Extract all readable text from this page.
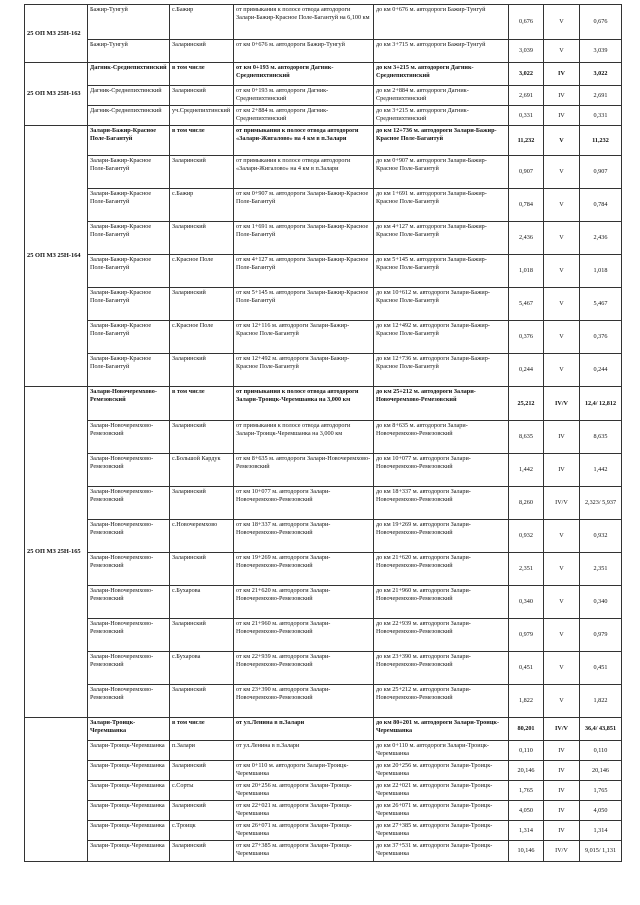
25 ОП МЗ 25Н-162	Бажир-Тунгуй	с.Бажир	от примыкания к полосе отвода автодороги Залари-Бажир-Красное Поле-Багантуй на 6,100 км	до км 0+676 м. автодороги Бажир-Тунгуй	0,676	V	0,676
	Бажир-Тунгуй	Заларинский	от км 0+676 м. автодороги Бажир-Тунгуй	до км 3+715 м. автодороги Бажир-Тунгуй	3,039	V	3,039
25 ОП МЗ 25Н-163	Дагник-Среднепихтинский	в том числе	от км 0+193 м. автодороги Дагник-Среднепихтинский	до км 3+215 м. автодороги Дагник-Среднепихтинский	3,022	IV	3,022
	Дагник-Среднепихтинский	Заларинский	от км 0+193 м. автодороги Дагник-Среднепихтинский	до км 2+884 м. автодороги Дагник-Среднепихтинский	2,691	IV	2,691
	Дагник-Среднепихтинский	уч.Среднепихтинский	от км 2+884 м. автодороги Дагник-Среднепихтинский	до км 3+215 м. автодороги Дагник-Среднепихтинский	0,331	IV	0,331
25 ОП МЗ 25Н-164	Залари-Бажир-Красное Поле-Багантуй	в том числе	от примыкания к полосе отвода автодороги «Залари-Жигалово» на 4 км в п.Залари	до км 12+736 м. автодороги Залари-Бажир-Красное Поле-Багантуй	11,232	V	11,232
	Залари-Бажир-Красное Поле-Багантуй	Заларинский	от примыкания к полосе отвода автодороги «Залари-Жигалово» на 4 км в п.Залари	до км 0+907 м. автодороги Залари-Бажир-Красное Поле-Багантуй	0,907	V	0,907
	Залари-Бажир-Красное Поле-Багантуй	с.Бажир	от км 0+907 м. автодороги Залари-Бажир-Красное Поле-Багантуй	до км 1+691 м. автодороги Залари-Бажир-Красное Поле-Багантуй	0,784	V	0,784
	Залари-Бажир-Красное Поле-Багантуй	Заларинский	от км 1+691 м. автодороги Залари-Бажир-Красное Поле-Багантуй	до км 4+127 м. автодороги Залари-Бажир-Красное Поле-Багантуй	2,436	V	2,436
	Залари-Бажир-Красное Поле-Багантуй	с.Красное Поле	от км 4+127 м. автодороги Залари-Бажир-Красное Поле-Багантуй	до км 5+145 м. автодороги Залари-Бажир-Красное Поле-Багантуй	1,018	V	1,018
	Залари-Бажир-Красное Поле-Багантуй	Заларинский	от км 5+145 м. автодороги Залари-Бажир-Красное Поле-Багантуй	до км 10+612 м. автодороги Залари-Бажир-Красное Поле-Багантуй	5,467	V	5,467
	Залари-Бажир-Красное Поле-Багантуй	с.Красное Поле	от км 12+116 м. автодороги Залари-Бажир-Красное Поле-Багантуй	до км 12+492 м. автодороги Залари-Бажир-Красное Поле-Багантуй	0,376	V	0,376
	Залари-Бажир-Красное Поле-Багантуй	Заларинский	от км 12+492 м. автодороги Залари-Бажир-Красное Поле-Багантуй	до км 12+736 м. автодороги Залари-Бажир-Красное Поле-Багантуй	0,244	V	0,244
25 ОП МЗ 25Н-165	Залари-Новочеремхово-Ремезовский	в том числе	от примыкания к полосе отвода автодороги Залари-Троицк-Черемшанка на 3,000 км	до км 25+212 м. автодороги Залари-Новочеремхово-Ремезовский	25,212	IV/V	12,4/ 12,812
	Залари-Новочеремхово-Ремезовский	Заларинский	от примыкания к полосе отвода автодороги Залари-Троицк-Черемшанка на 3,000 км	до км 8+635 м. автодороги Залари-Новочеремхово-Ремезовский	8,635	IV	8,635
	Залари-Новочеремхово-Ремезовский	с.Большой Кардук	от км 8+635 м. автодороги Залари-Новочеремхово-Ремезовский	до км 10+077 м. автодороги Залари-Новочеремхово-Ремезовский	1,442	IV	1,442
	Залари-Новочеремхово-Ремезовский	Заларинский	от км 10+077 м. автодороги Залари-Новочеремхово-Ремезовский	до км 18+337 м. автодороги Залари-Новочеремхово-Ремезовский	8,260	IV/V	2,323/ 5,937
	Залари-Новочеремхово-Ремезовский	с.Новочеремхово	от км 18+337 м. автодороги Залари-Новочеремхово-Ремезовский	до км 19+269 м. автодороги Залари-Новочеремхово-Ремезовский	0,932	V	0,932
	Залари-Новочеремхово-Ремезовский	Заларинский	от км 19+269 м. автодороги Залари-Новочеремхово-Ремезовский	до км 21+620 м. автодороги Залари-Новочеремхово-Ремезовский	2,351	V	2,351
	Залари-Новочеремхово-Ремезовский	с.Бухарова	от км 21+620 м. автодороги Залари-Новочеремхово-Ремезовский	до км 21+960 м. автодороги Залари-Новочеремхово-Ремезовский	0,340	V	0,340
	Залари-Новочеремхово-Ремезовский	Заларинский	от км 21+960 м. автодороги Залари-Новочеремхово-Ремезовский	до км 22+939 м. автодороги Залари-Новочеремхово-Ремезовский	0,979	V	0,979
	Залари-Новочеремхово-Ремезовский	с.Бухарова	от км 22+939 м. автодороги Залари-Новочеремхово-Ремезовский	до км 23+390 м. автодороги Залари-Новочеремхово-Ремезовский	0,451	V	0,451
	Залари-Новочеремхово-Ремезовский	Заларинский	от км 23+390 м. автодороги Залари-Новочеремхово-Ремезовский	до км 25+212 м. автодороги Залари-Новочеремхово-Ремезовский	1,822	V	1,822
	Залари-Троицк-Черемшанка	в том числе	от ул.Ленина в п.Залари	до км 80+201 м. автодороги Залари-Троицк-Черемшанка	80,201	IV/V	36,4/ 43,851
	Залари-Троицк-Черемшанка	п.Залари	от ул.Ленина в п.Залари	до км 0+110 м. автодороги Залари-Троицк-Черемшанка	0,110	IV	0,110
	Залари-Троицк-Черемшанка	Заларинский	от км 0+110 м. автодороги Залари-Троицк-Черемшанка	до км 20+256 м. автодороги Залари-Троицк-Черемшанка	20,146	IV	20,146
	Залари-Троицк-Черемшанка	с.Сорты	от км 20+256 м. автодороги Залари-Троицк-Черемшанка	до км 22+021 м. автодороги Залари-Троицк-Черемшанка	1,765	IV	1,765
	Залари-Троицк-Черемшанка	Заларинский	от км 22+021 м. автодороги Залари-Троицк-Черемшанка	до км 26+071 м. автодороги Залари-Троицк-Черемшанка	4,050	IV	4,050
	Залари-Троицк-Черемшанка	с.Троицк	от км 26+071 м. автодороги Залари-Троицк-Черемшанка	до км 27+385 м. автодороги Залари-Троицк-Черемшанка	1,314	IV	1,314
	Залари-Троицк-Черемшанка	Заларинский	от км 27+385 м. автодороги Залари-Троицк-Черемшанка	до км 37+531 м. автодороги Залари-Троицк-Черемшанка	10,146	IV/V	9,015/ 1,131
